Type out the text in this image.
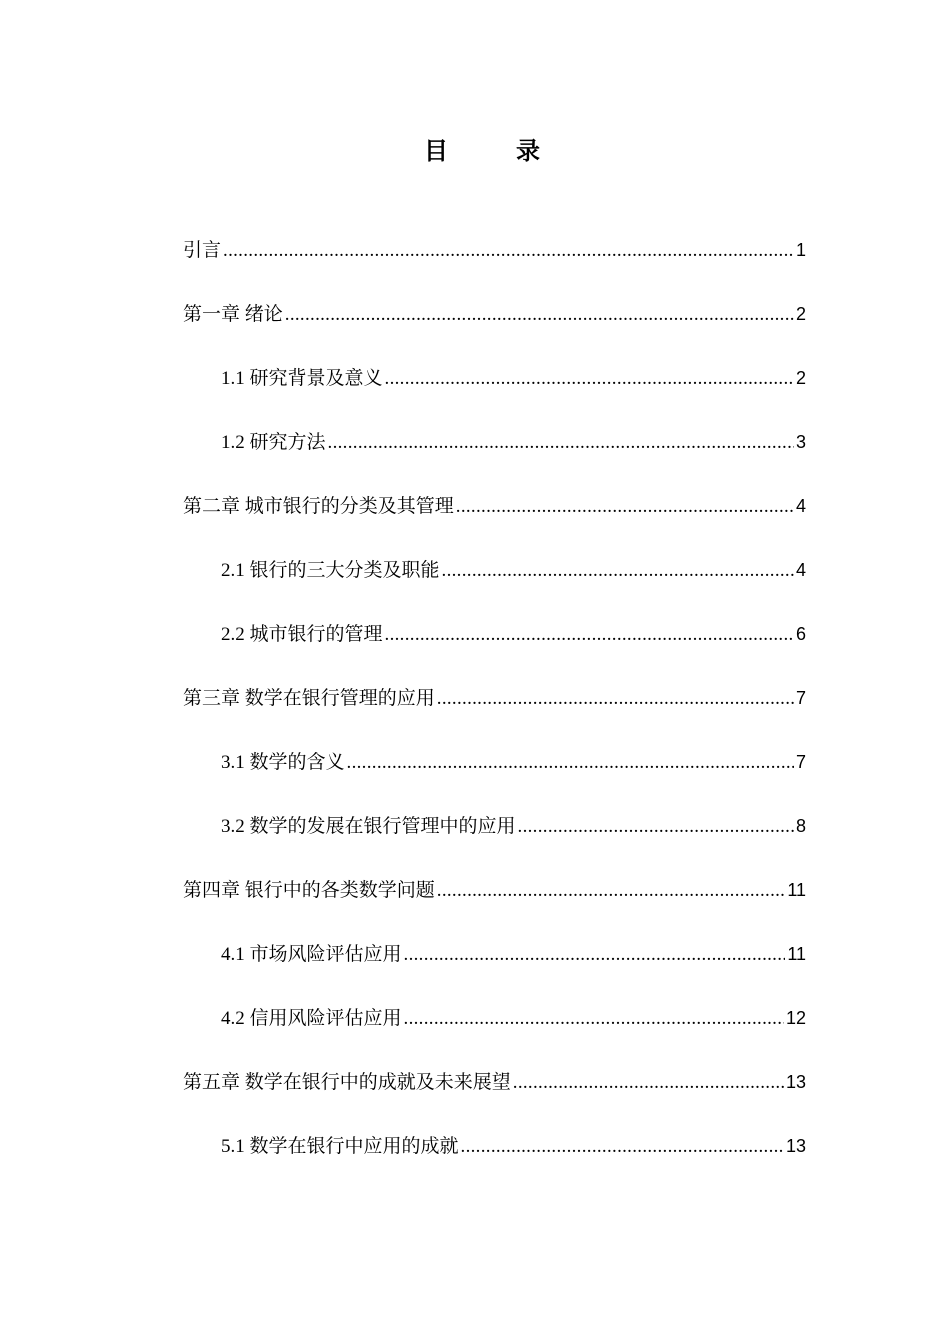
目　录
引言 .....	1
第一章 绪论 .....	2
1.1 研究背景及意义 .....	2
1.2 研究方法 .....	3
第二章 城市银行的分类及其管理 .....	4
2.1 银行的三大分类及职能 .....	4
2.2 城市银行的管理 .....	6
第三章 数学在银行管理的应用 .....	7
3.1 数学的含义 .....	7
3.2 数学的发展在银行管理中的应用 .....	8
第四章 银行中的各类数学问题 .....	11
4.1 市场风险评估应用 .....	11
4.2 信用风险评估应用 .....	12
第五章 数学在银行中的成就及未来展望 .....	13
5.1 数学在银行中应用的成就 .....	13
